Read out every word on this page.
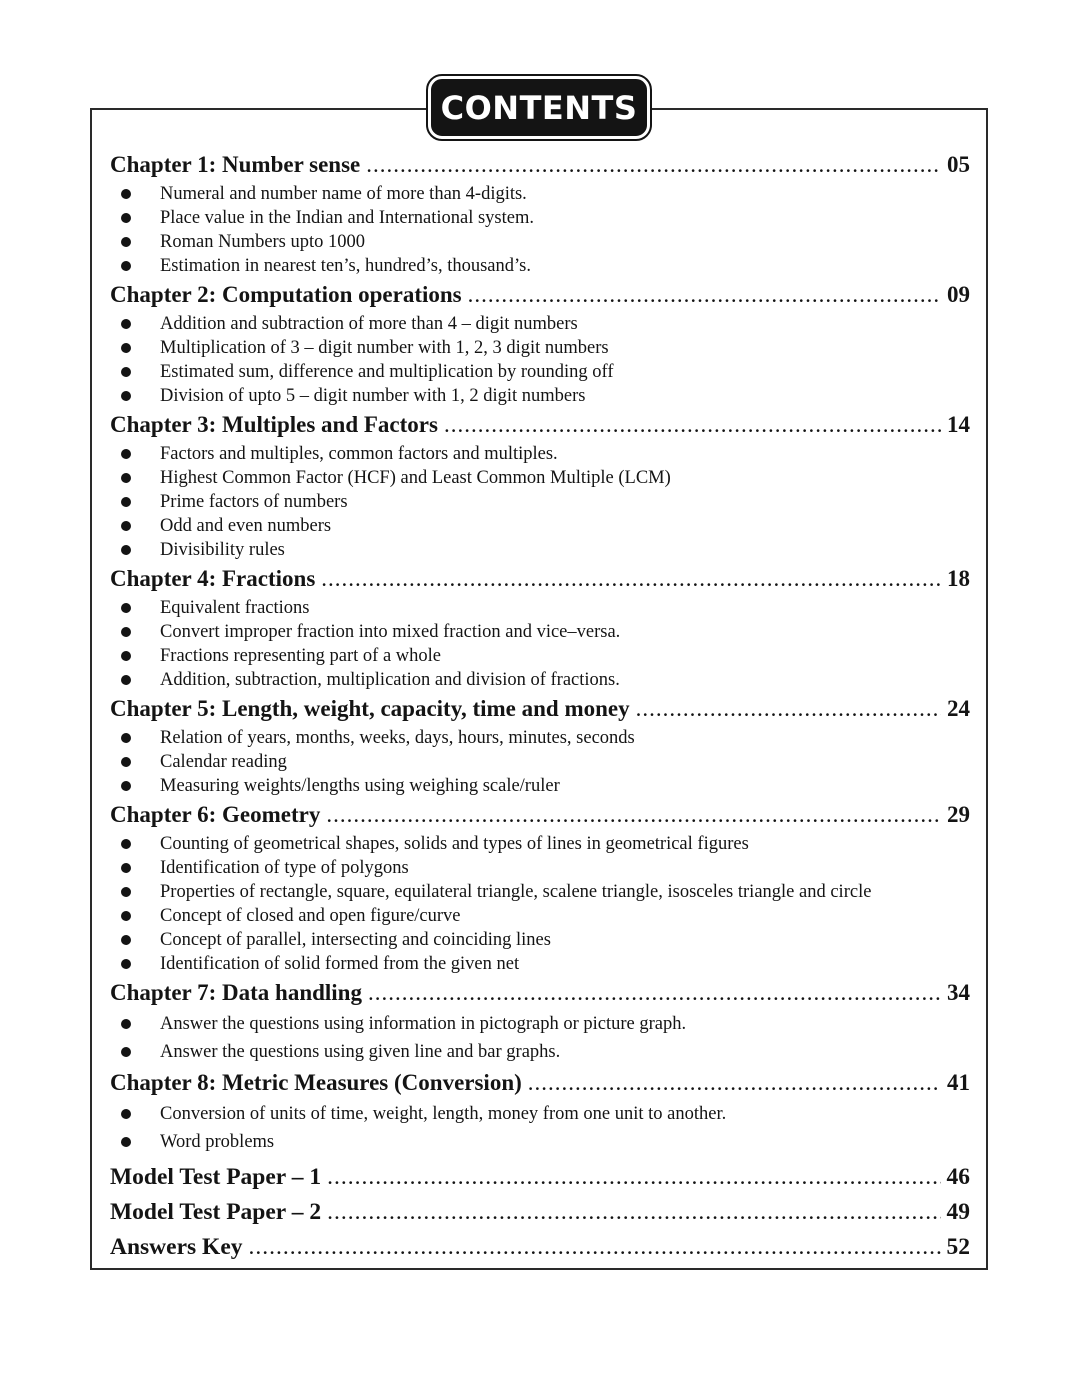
CONTENTS
Chapter 1: Number sense .....	05
Numeral and number name of more than 4-digits.
Place value in the Indian and International system.
Roman Numbers upto 1000
Estimation in nearest ten’s, hundred’s, thousand’s.
Chapter 2: Computation operations .....	09
Addition and subtraction of more than 4 – digit numbers
Multiplication of 3 – digit number with 1, 2, 3 digit numbers
Estimated sum, difference and multiplication by rounding off
Division of upto 5 – digit number with 1, 2 digit numbers
Chapter 3: Multiples and Factors .....	14
Factors and multiples, common factors and multiples.
Highest Common Factor (HCF) and Least Common Multiple (LCM)
Prime factors of numbers
Odd and even numbers
Divisibility rules
Chapter 4: Fractions .....	18
Equivalent fractions
Convert improper fraction into mixed fraction and vice–versa.
Fractions representing part of a whole
Addition, subtraction, multiplication and division of fractions.
Chapter 5: Length, weight, capacity, time and money .....	24
Relation of years, months, weeks, days, hours, minutes, seconds
Calendar reading
Measuring weights/lengths using weighing scale/ruler
Chapter 6: Geometry .....	29
Counting of geometrical shapes, solids and types of lines in geometrical figures
Identification of type of polygons
Properties of rectangle, square, equilateral triangle, scalene triangle, isosceles triangle and circle
Concept of closed and open figure/curve
Concept of parallel, intersecting and coinciding lines
Identification of solid formed from the given net
Chapter 7: Data handling .....	34
Answer the questions using information in pictograph or picture graph.
Answer the questions using given line and bar graphs.
Chapter 8: Metric Measures (Conversion) .....	41
Conversion of units of time, weight, length, money from one unit to another.
Word problems
Model Test Paper – 1 .....	46
Model Test Paper – 2 .....	49
Answers Key .....	52
